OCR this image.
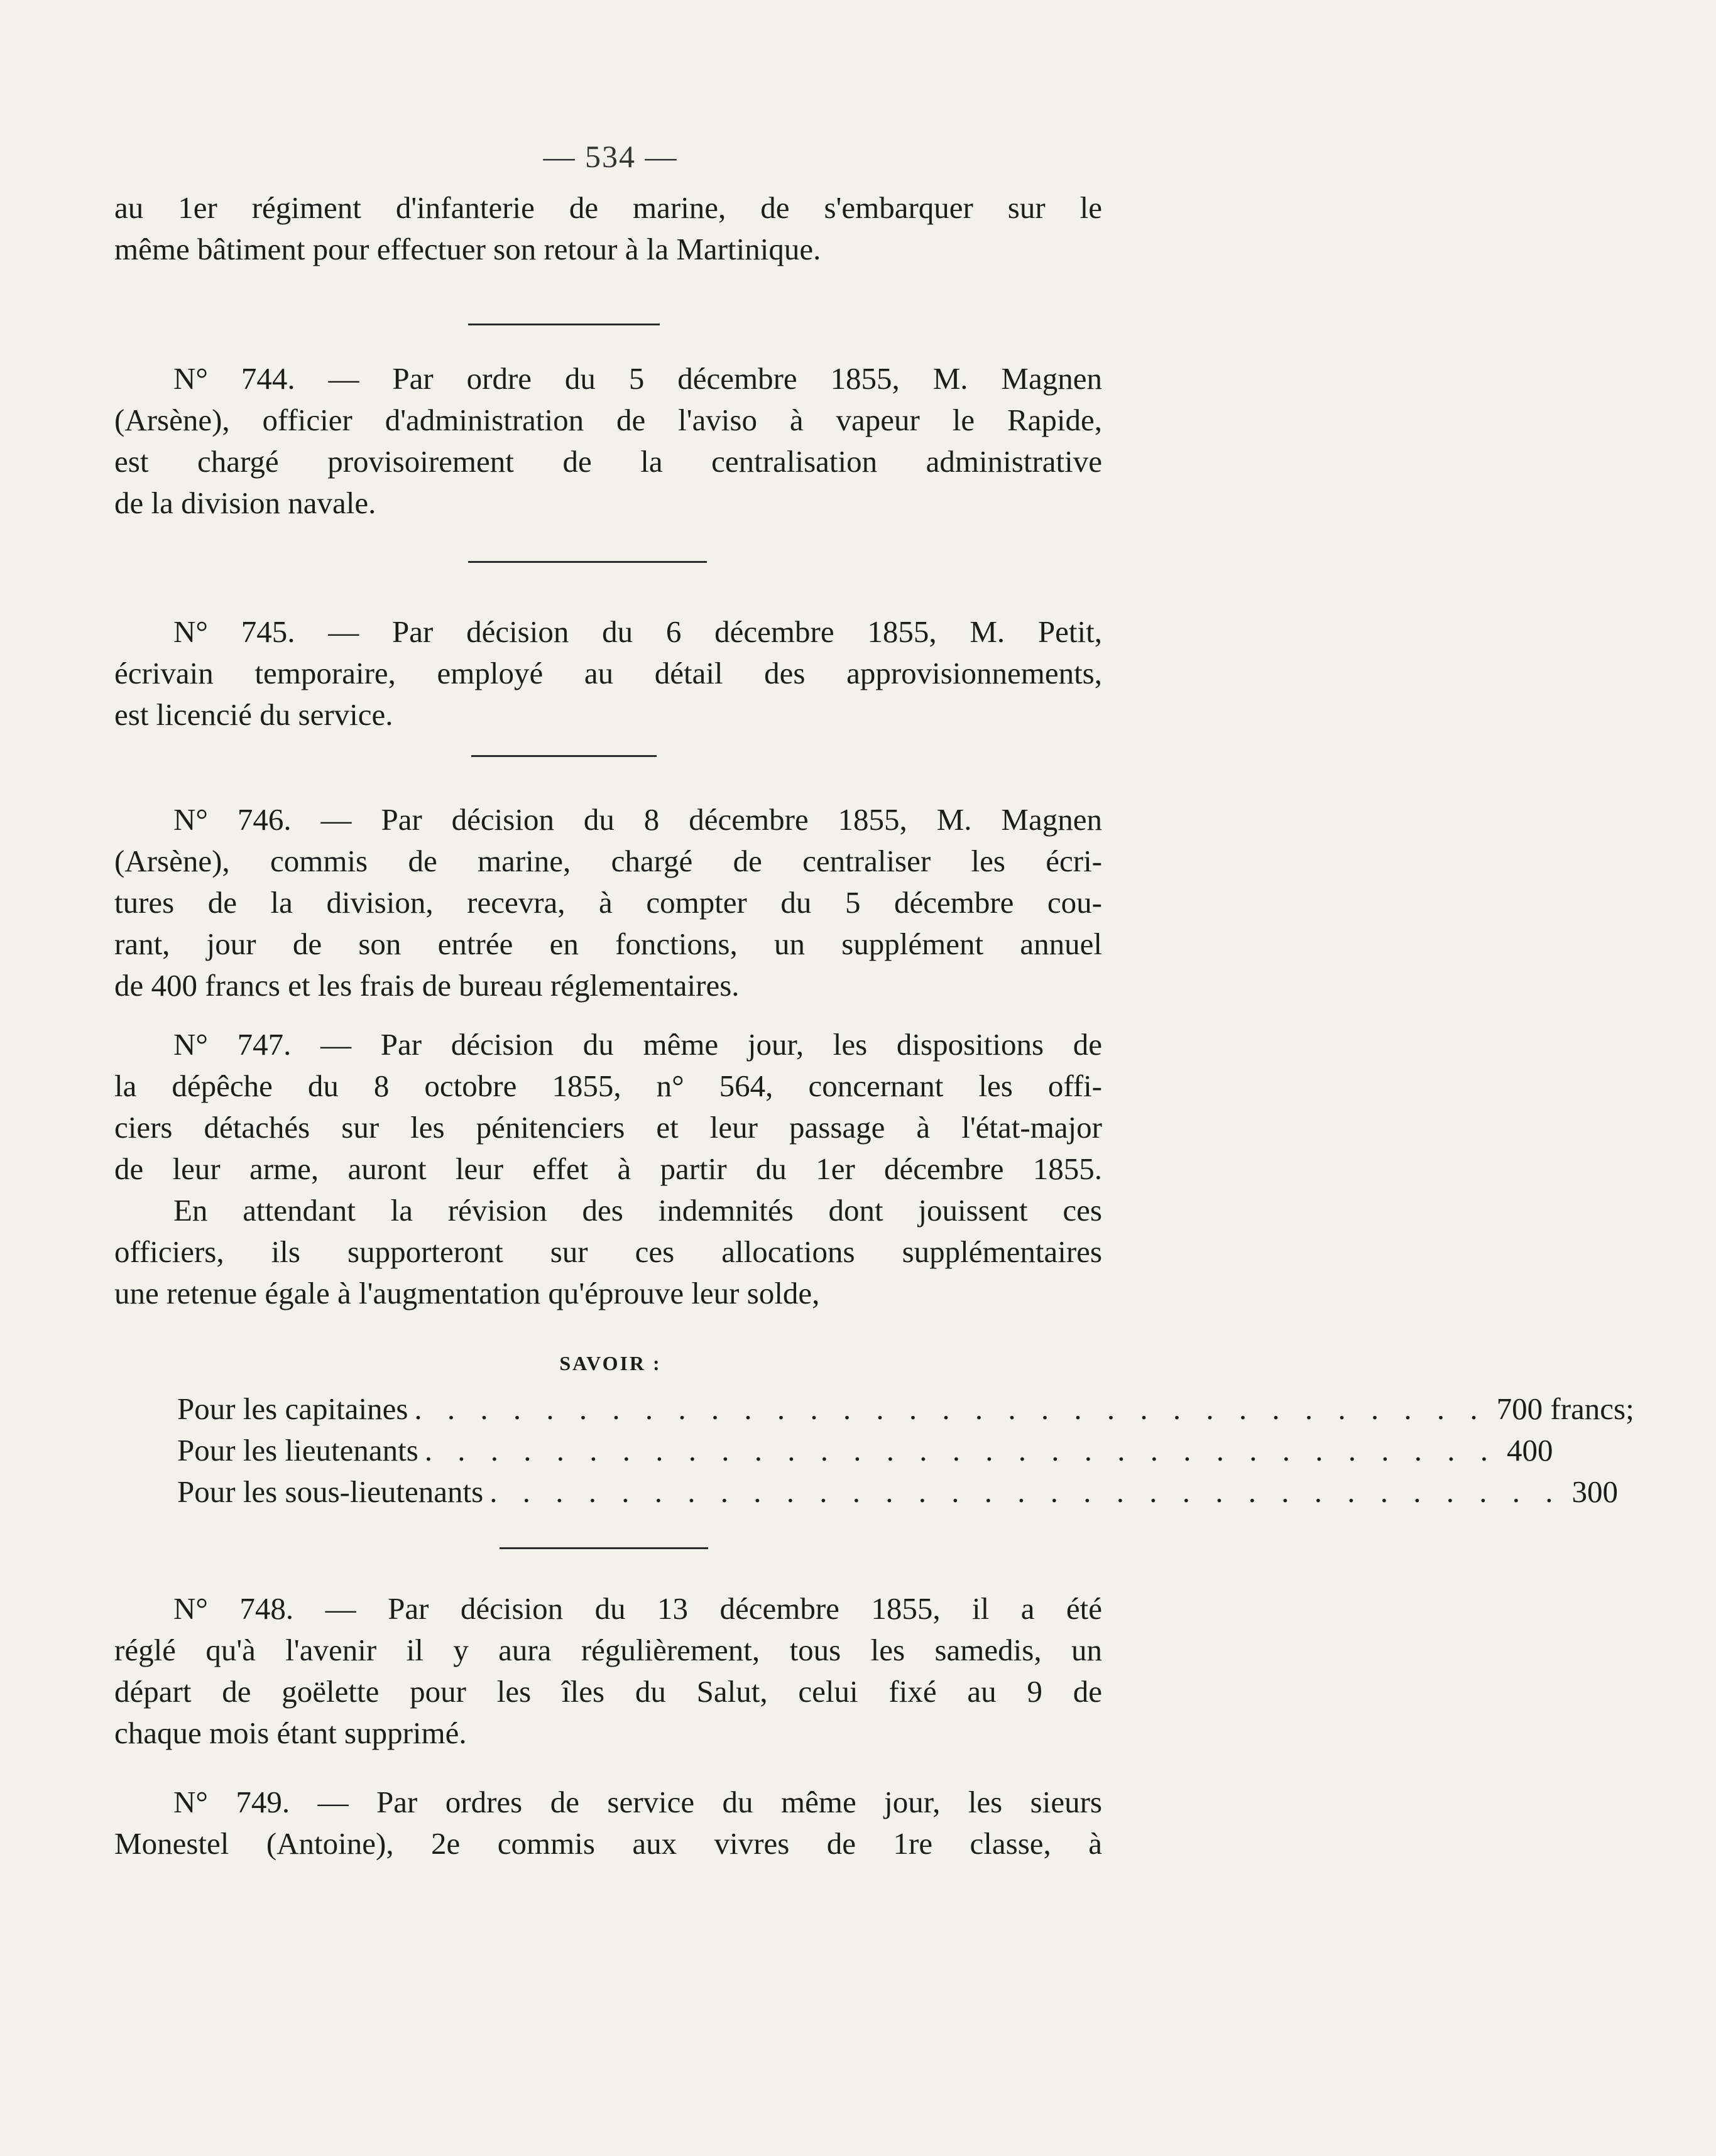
— 534 —
au 1er régiment d'infanterie de marine, de s'embarquer sur le
même bâtiment pour effectuer son retour à la Martinique.
N° 744. — Par ordre du 5 décembre 1855, M. Magnen
(Arsène), officier d'administration de l'aviso à vapeur le Rapide,
est chargé provisoirement de la centralisation administrative
de la division navale.
N° 745. — Par décision du 6 décembre 1855, M. Petit,
écrivain temporaire, employé au détail des approvisionnements,
est licencié du service.
N° 746. — Par décision du 8 décembre 1855, M. Magnen
(Arsène), commis de marine, chargé de centraliser les écri-
tures de la division, recevra, à compter du 5 décembre cou-
rant, jour de son entrée en fonctions, un supplément annuel
de 400 francs et les frais de bureau réglementaires.
N° 747. — Par décision du même jour, les dispositions de
la dépêche du 8 octobre 1855, n° 564, concernant les offi-
ciers détachés sur les pénitenciers et leur passage à l'état-major
de leur arme, auront leur effet à partir du 1er décembre 1855.
En attendant la révision des indemnités dont jouissent ces
officiers, ils supporteront sur ces allocations supplémentaires
une retenue égale à l'augmentation qu'éprouve leur solde,
SAVOIR :
Pour les capitaines . . . . . . . . . . . . . . . . . . . . . . . . . . . . . . . . . 700 francs;
Pour les lieutenants . . . . . . . . . . . . . . . . . . . . . . . . . . . . . . . . . 400
Pour les sous-lieutenants . . . . . . . . . . . . . . . . . . . . . . . . . . . . . . . . . 300
N° 748. — Par décision du 13 décembre 1855, il a été
réglé qu'à l'avenir il y aura régulièrement, tous les samedis, un
départ de goëlette pour les îles du Salut, celui fixé au 9 de
chaque mois étant supprimé.
N° 749. — Par ordres de service du même jour, les sieurs
Monestel (Antoine), 2e commis aux vivres de 1re classe, à
